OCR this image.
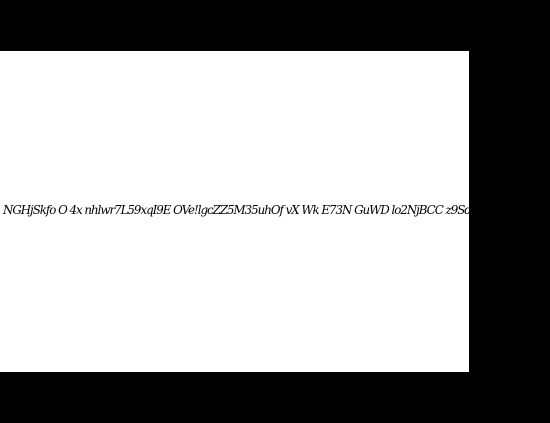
NGHjSkfo O 4x nhlwr7L59xqI9E OVe!lgcZZ5M35uhOf vX Wk E73N GuWD lo2NjBCC z9SdQ10sOBggsyXz
